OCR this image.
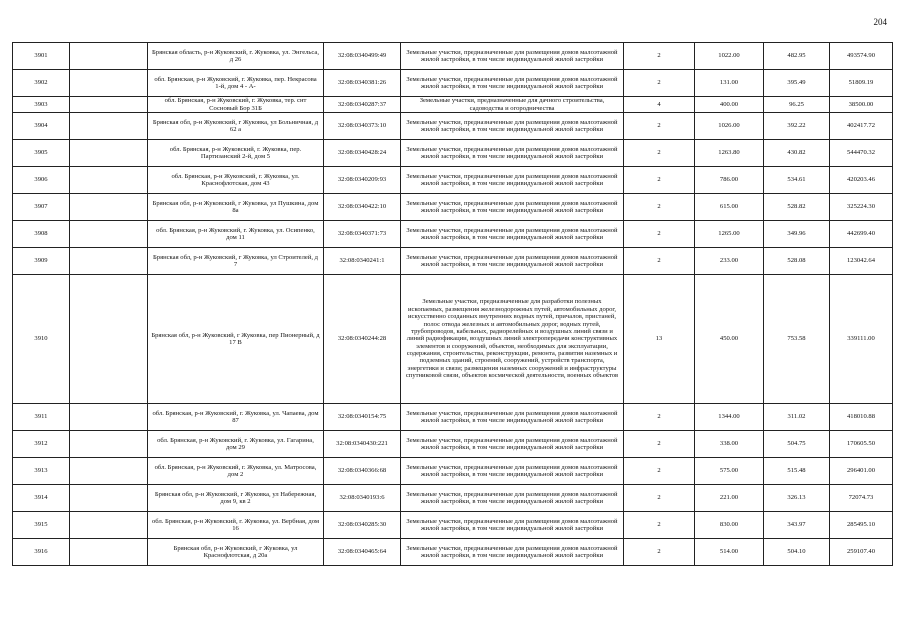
204
3901		Брянская область, р-н Жуковский, г. Жуковка, ул. Энгельса, д 26	32:08:0340499:49	Земельные участки, предназначенные для размещения домов малоэтажной жилой застройки, в том числе индивидуальной жилой застройки	2	1022.00	482.95	493574.90
3902		обл. Брянская, р-н Жуковский, г. Жуковка, пер. Некрасова 1-й, дом 4 - А-	32:08:0340381:26	Земельные участки, предназначенные для размещения домов малоэтажной жилой застройки, в том числе индивидуальной жилой застройки	2	131.00	395.49	51809.19
3903		обл. Брянская, р-н Жуковский, г. Жуковка, тер. снт Сосновый Бор 31Б	32:08:0340287:37	Земельные участки, предназначенные для дачного строительства, садоводства и огородничества	4	400.00	96.25	38500.00
3904		Брянская обл, р-н Жуковский, г Жуковка, ул Больничная, д 62 а	32:08:0340373:10	Земельные участки, предназначенные для размещения домов малоэтажной жилой застройки, в том числе индивидуальной жилой застройки	2	1026.00	392.22	402417.72
3905		обл. Брянская, р-н Жуковский, г. Жуковка, пер. Партизанский 2-й, дом 5	32:08:0340428:24	Земельные участки, предназначенные для размещения домов малоэтажной жилой застройки, в том числе индивидуальной жилой застройки	2	1263.80	430.82	544470.32
3906		обл. Брянская, р-н Жуковский, г. Жуковка, ул. Краснофлотская, дом 43	32:08:0340209:93	Земельные участки, предназначенные для размещения домов малоэтажной жилой застройки, в том числе индивидуальной жилой застройки	2	786.00	534.61	420203.46
3907		Брянская обл, р-н Жуковский, г Жуковка, ул Пушкина, дом 8а	32:08:0340422:10	Земельные участки, предназначенные для размещения домов малоэтажной жилой застройки, в том числе индивидуальной жилой застройки	2	615.00	528.82	325224.30
3908		обл. Брянская, р-н Жуковский, г. Жуковка, ул. Осипенко, дом 11	32:08:0340371:73	Земельные участки, предназначенные для размещения домов малоэтажной жилой застройки, в том числе индивидуальной жилой застройки	2	1265.00	349.96	442699.40
3909		Брянская обл, р-н Жуковский, г Жуковка, ул Строителей, д 7	32:08:0340241:1	Земельные участки, предназначенные для размещения домов малоэтажной жилой застройки, в том числе индивидуальной жилой застройки	2	233.00	528.08	123042.64
3910		Брянская обл, р-н Жуковский, г Жуковка, пер Пионерный, д 17 В	32:08:0340244:28	Земельные участки, предназначенные для разработки полезных ископаемых, размещения железнодорожных путей, автомобильных дорог, искусственно созданных внутренних водных путей, причалов, пристаней, полос отвода железных и автомобильных дорог, водных путей, трубопроводов, кабельных, радиорелейных и воздушных линий связи и линий радиофикации, воздушных линий электропередачи конструктивных элементов и сооружений, объектов, необходимых для эксплуатации, содержания, строительства, реконструкции, ремонта, развития наземных и подземных зданий, строений, сооружений, устройств транспорта, энергетики и связи; размещения наземных сооружений и инфраструктуры спутниковой связи, объектов космической деятельности, военных объектов	13	450.00	753.58	339111.00
3911		обл. Брянская, р-н Жуковский, г. Жуковка, ул. Чапаева, дом 87	32:08:0340154:75	Земельные участки, предназначенные для размещения домов малоэтажной жилой застройки, в том числе индивидуальной жилой застройки	2	1344.00	311.02	418010.88
3912		обл. Брянская, р-н Жуковский, г. Жуковка, ул. Гагарина, дом 29	32:08:0340430:221	Земельные участки, предназначенные для размещения домов малоэтажной жилой застройки, в том числе индивидуальной жилой застройки	2	338.00	504.75	170605.50
3913		обл. Брянская, р-н Жуковский, г. Жуковка, ул. Матросова, дом 2	32:08:0340366:68	Земельные участки, предназначенные для размещения домов малоэтажной жилой застройки, в том числе индивидуальной жилой застройки	2	575.00	515.48	296401.00
3914		Брянская обл, р-н Жуковский, г Жуковка, ул Набережная, дом 9, кв 2	32:08:0340193:6	Земельные участки, предназначенные для размещения домов малоэтажной жилой застройки, в том числе индивидуальной жилой застройки	2	221.00	326.13	72074.73
3915		обл. Брянская, р-н Жуковский, г. Жуковка, ул. Вербная, дом 16	32:08:0340285:30	Земельные участки, предназначенные для размещения домов малоэтажной жилой застройки, в том числе индивидуальной жилой застройки	2	830.00	343.97	285495.10
3916		Брянская обл, р-н Жуковский, г Жуковка, ул Краснофлотская, д 20а	32:08:0340465:64	Земельные участки, предназначенные для размещения домов малоэтажной жилой застройки, в том числе индивидуальной жилой застройки	2	514.00	504.10	259107.40
